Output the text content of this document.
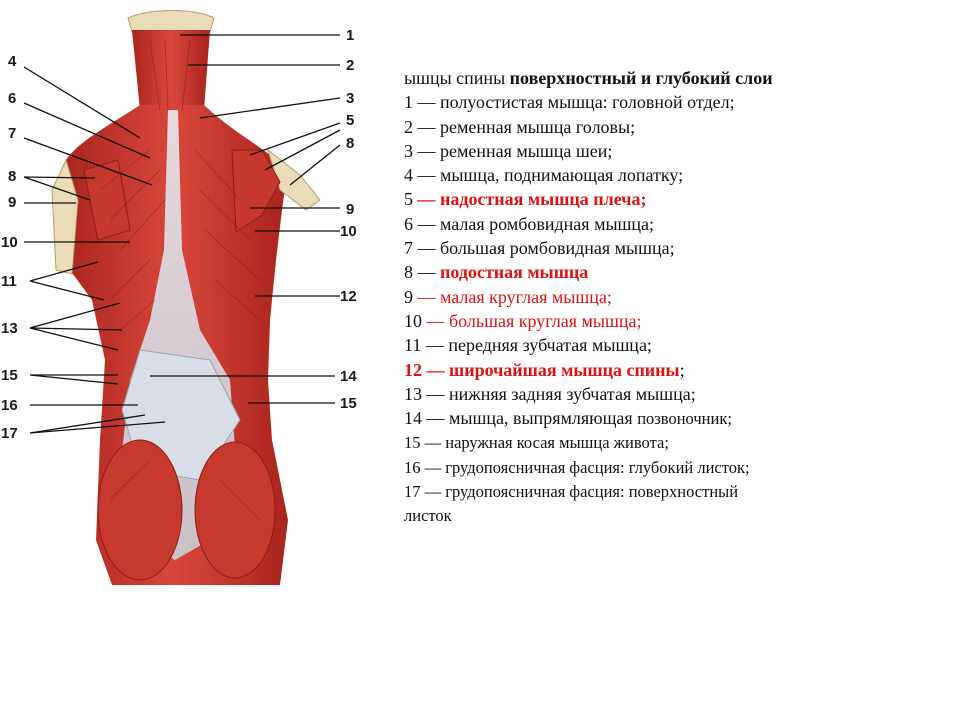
4
6
7
8
9
10
11
13
15
16
17
1
2
3
5
8
9
10
12
14
15
ышцы спины поверхностный и глубокий слои
1 — полуостистая мышца: головной отдел;
2 — ременная мышца головы;
3 — ременная мышца шеи;
4 — мышца, поднимающая лопатку;
5 — надостная мышца плеча;
6 — малая ромбовидная мышца;
7 — большая ромбовидная мышца;
8 — подостная мышца
9 — малая круглая мышца;
10 — большая круглая мышца;
11 — передняя зубчатая мышца;
12 — широчайшая мышца спины;
13 — нижняя задняя зубчатая мышца;
14 — мышца, выпрямляющая позвоночник;
15 — наружная косая мышца живота;
16 — грудопоясничная фасция: глубокий листок;
17 — грудопоясничная фасция: поверхностный
листок
